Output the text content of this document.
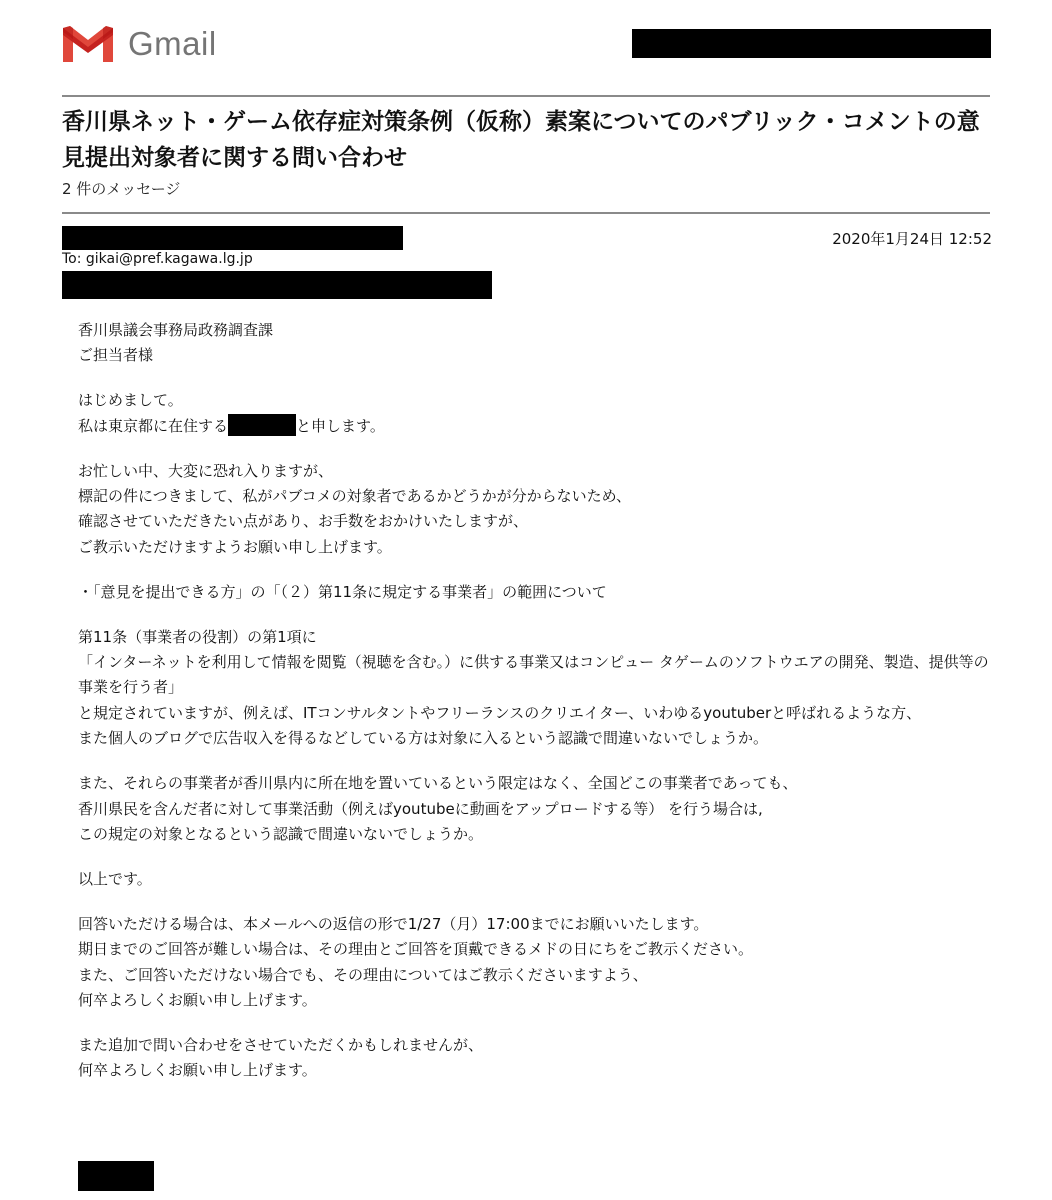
Gmail
香川県ネット・ゲーム依存症対策条例（仮称）素案についてのパブリック・コメントの意見提出対象者に関する問い合わせ
2 件のメッセージ
2020年1月24日 12:52
To: gikai@pref.kagawa.lg.jp

香川県議会事務局政務調査課
ご担当者様

はじめまして。
私は東京都に在住する	と申します。

お忙しい中、大変に恐れ入りますが、
標記の件につきまして、私がパブコメの対象者であるかどうかが分からないため、
確認させていただきたい点があり、お手数をおかけいたしますが、
ご教示いただけますようお願い申し上げます。

・「意見を提出できる方」の「（２）第11条に規定する事業者」の範囲について

第11条（事業者の役割）の第1項に
「インターネットを利用して情報を閲覧（視聴を含む。）に供する事業又はコンピュー タゲームのソフトウエアの開発、製造、提供等の事業を行う者」
と規定されていますが、例えば、ITコンサルタントやフリーランスのクリエイター、いわゆるyoutuberと呼ばれるような方、
また個人のブログで広告収入を得るなどしている方は対象に入るという認識で間違いないでしょうか。

また、それらの事業者が香川県内に所在地を置いているという限定はなく、全国どこの事業者であっても、
香川県民を含んだ者に対して事業活動（例えばyoutubeに動画をアップロードする等） を行う場合は,
この規定の対象となるという認識で間違いないでしょうか。

以上です。

回答いただける場合は、本メールへの返信の形で1/27（月）17:00までにお願いいたします。
期日までのご回答が難しい場合は、その理由とご回答を頂戴できるメドの日にちをご教示ください。
また、ご回答いただけない場合でも、その理由についてはご教示くださいますよう、
何卒よろしくお願い申し上げます。

また追加で問い合わせをさせていただくかもしれませんが、
何卒よろしくお願い申し上げます。
